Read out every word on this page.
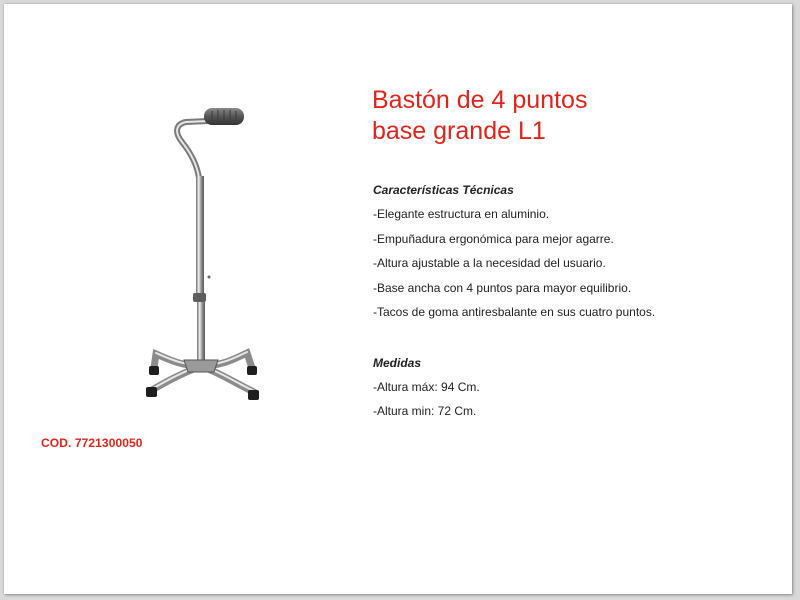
COD. 7721300050
Bastón de 4 puntos
base grande L1
Características Técnicas
-Elegante estructura en aluminio.
-Empuñadura ergonómica para mejor agarre.
-Altura ajustable a la necesidad del usuario.
-Base ancha con 4 puntos para mayor equilibrio.
-Tacos de goma antiresbalante en sus cuatro puntos.
Medidas
-Altura máx: 94 Cm.
-Altura min: 72 Cm.
